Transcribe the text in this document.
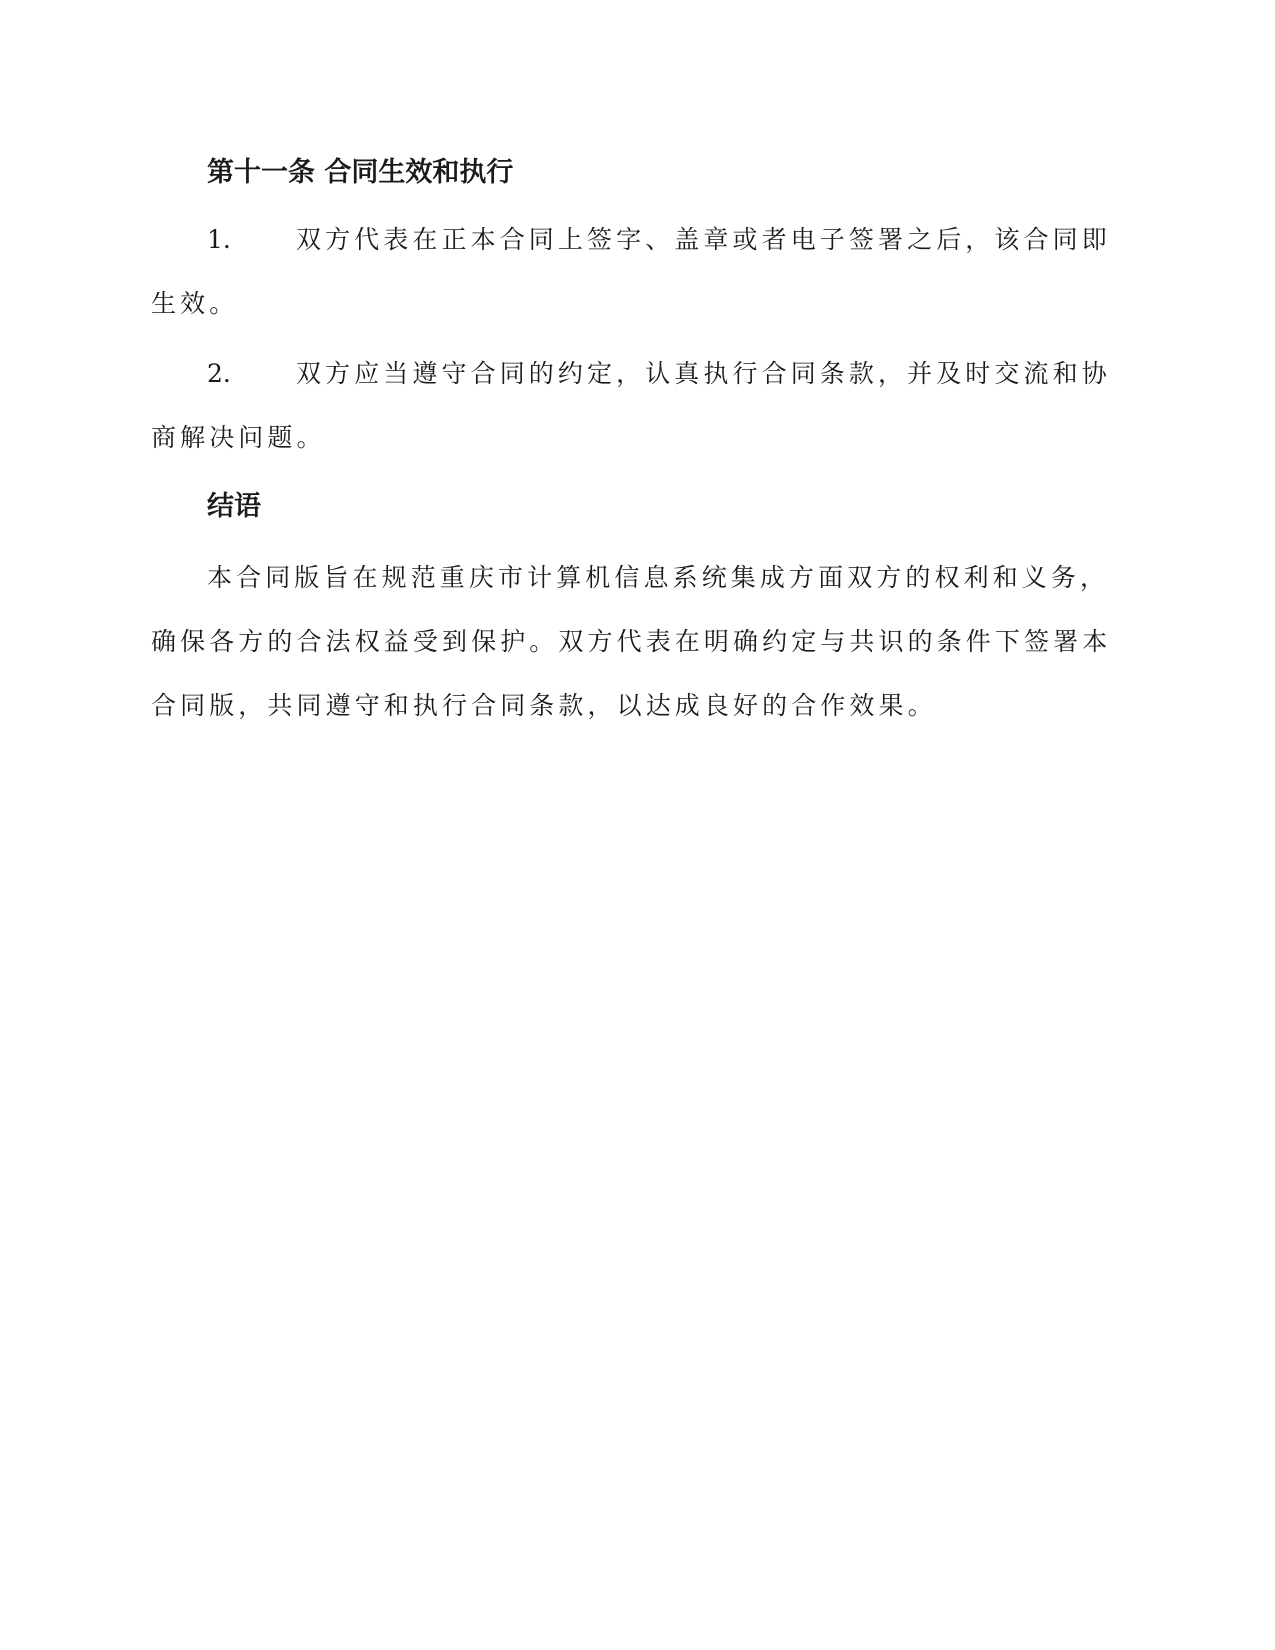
第十一条 合同生效和执行

1.	双方代表在正本合同上签字、盖章或者电子签署之后，该合同即生效。

2.	双方应当遵守合同的约定，认真执行合同条款，并及时交流和协商解决问题。

结语

本合同版旨在规范重庆市计算机信息系统集成方面双方的权利和义务，确保各方的合法权益受到保护。双方代表在明确约定与共识的条件下签署本合同版，共同遵守和执行合同条款，以达成良好的合作效果。
